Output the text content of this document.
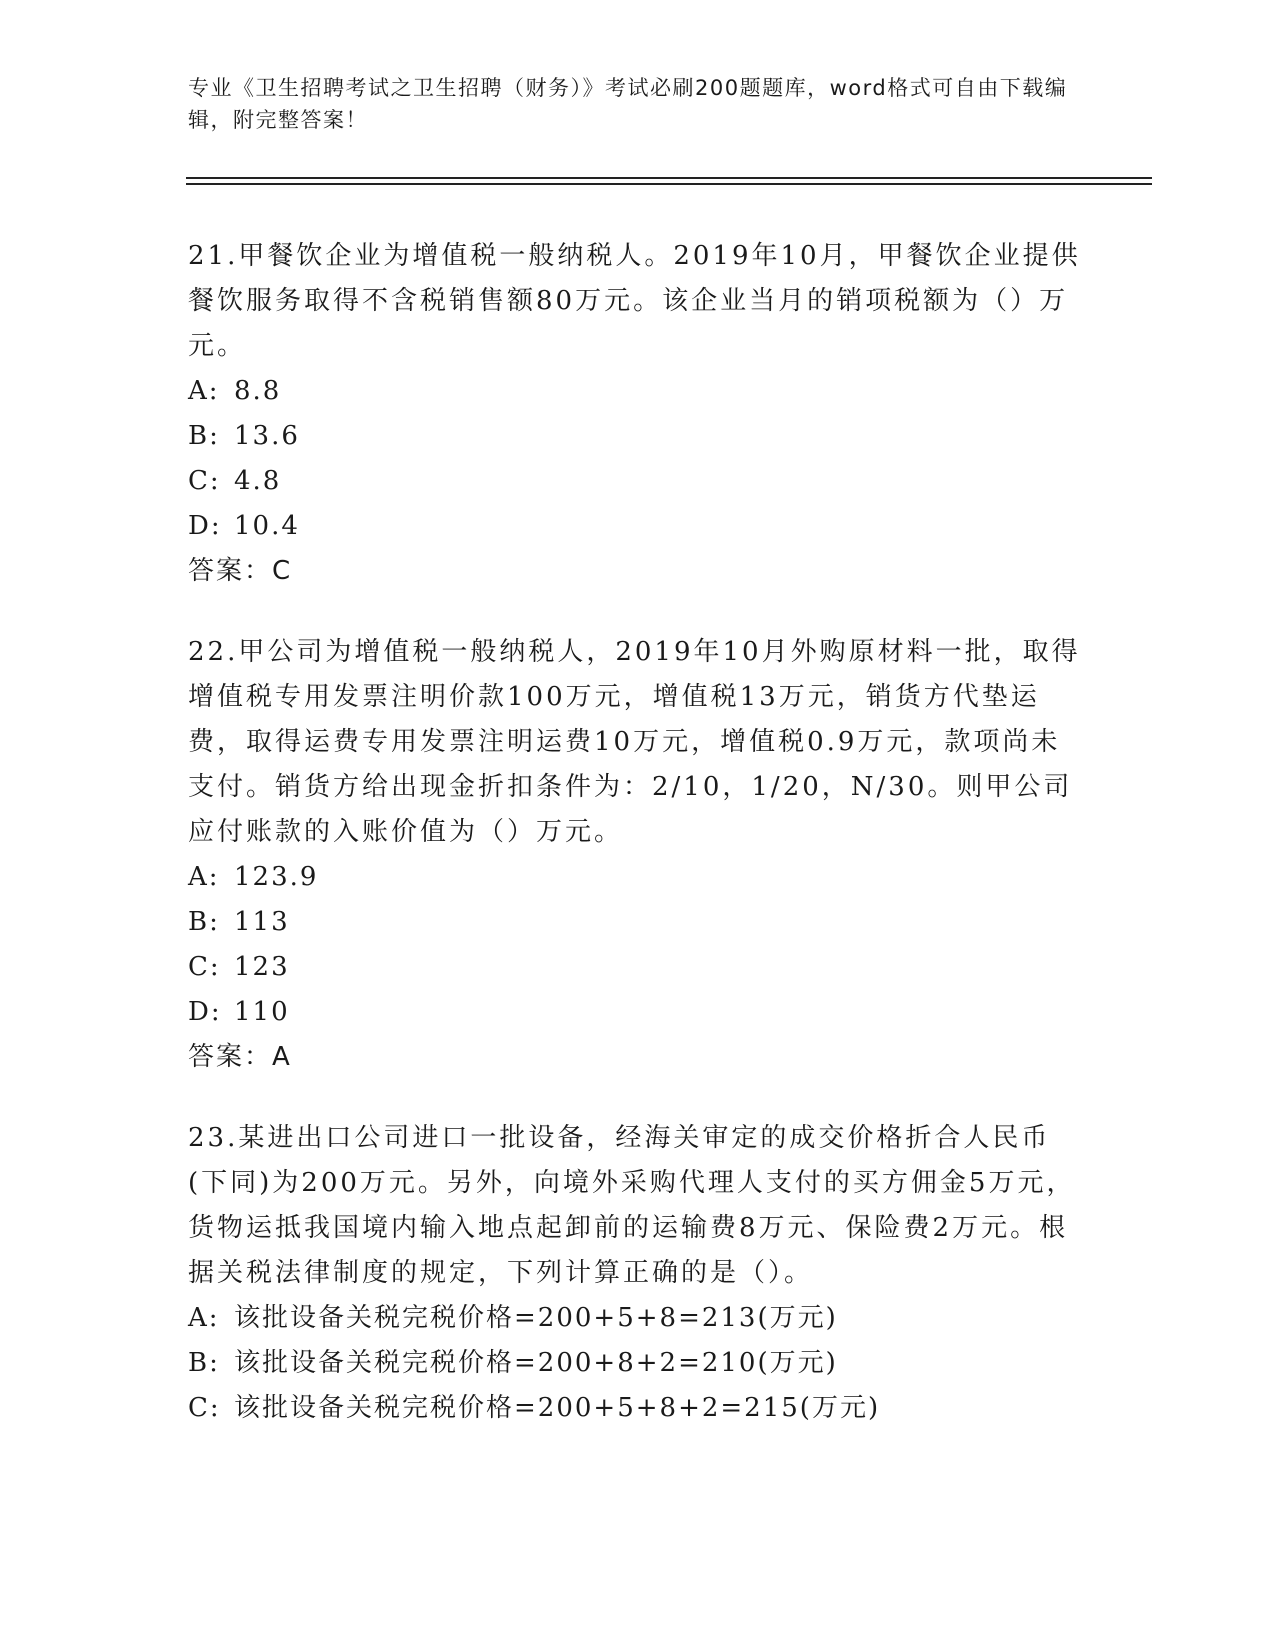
专业《卫生招聘考试之卫生招聘（财务）》考试必刷200题题库，word格式可自由下载编辑，附完整答案！
21.甲餐饮企业为增值税一般纳税人。2019年10月，甲餐饮企业提供餐饮服务取得不含税销售额80万元。该企业当月的销项税额为（）万元。
A: 8.8
B: 13.6
C: 4.8
D: 10.4
答案：C
22.甲公司为增值税一般纳税人，2019年10月外购原材料一批，取得增值税专用发票注明价款100万元，增值税13万元，销货方代垫运费，取得运费专用发票注明运费10万元，增值税0.9万元，款项尚未支付。销货方给出现金折扣条件为：2/10，1/20，N/30。则甲公司应付账款的入账价值为（）万元。
A: 123.9
B: 113
C: 123
D: 110
答案：A
23.某进出口公司进口一批设备，经海关审定的成交价格折合人民币(下同)为200万元。另外，向境外采购代理人支付的买方佣金5万元，货物运抵我国境内输入地点起卸前的运输费8万元、保险费2万元。根据关税法律制度的规定，下列计算正确的是（）。
A: 该批设备关税完税价格=200+5+8=213(万元)
B: 该批设备关税完税价格=200+8+2=210(万元)
C: 该批设备关税完税价格=200+5+8+2=215(万元)
